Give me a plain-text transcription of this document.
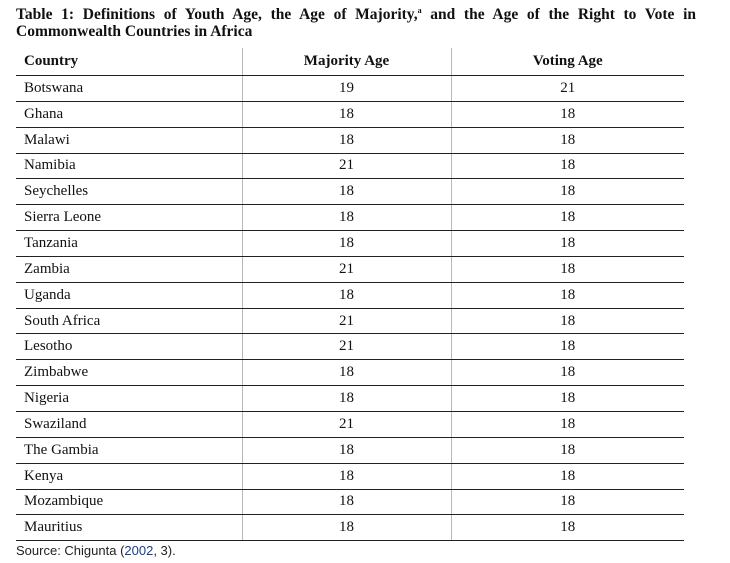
Table 1: Definitions of Youth Age, the Age of Majority,$^a$ and the Age of the Right to Vote in Commonwealth Countries in Africa
Country	Majority Age	Voting Age
Botswana	19	21
Ghana	18	18
Malawi	18	18
Namibia	21	18
Seychelles	18	18
Sierra Leone	18	18
Tanzania	18	18
Zambia	21	18
Uganda	18	18
South Africa	21	18
Lesotho	21	18
Zimbabwe	18	18
Nigeria	18	18
Swaziland	21	18
The Gambia	18	18
Kenya	18	18
Mozambique	18	18
Mauritius	18	18
Source: Chigunta (2002, 3).
